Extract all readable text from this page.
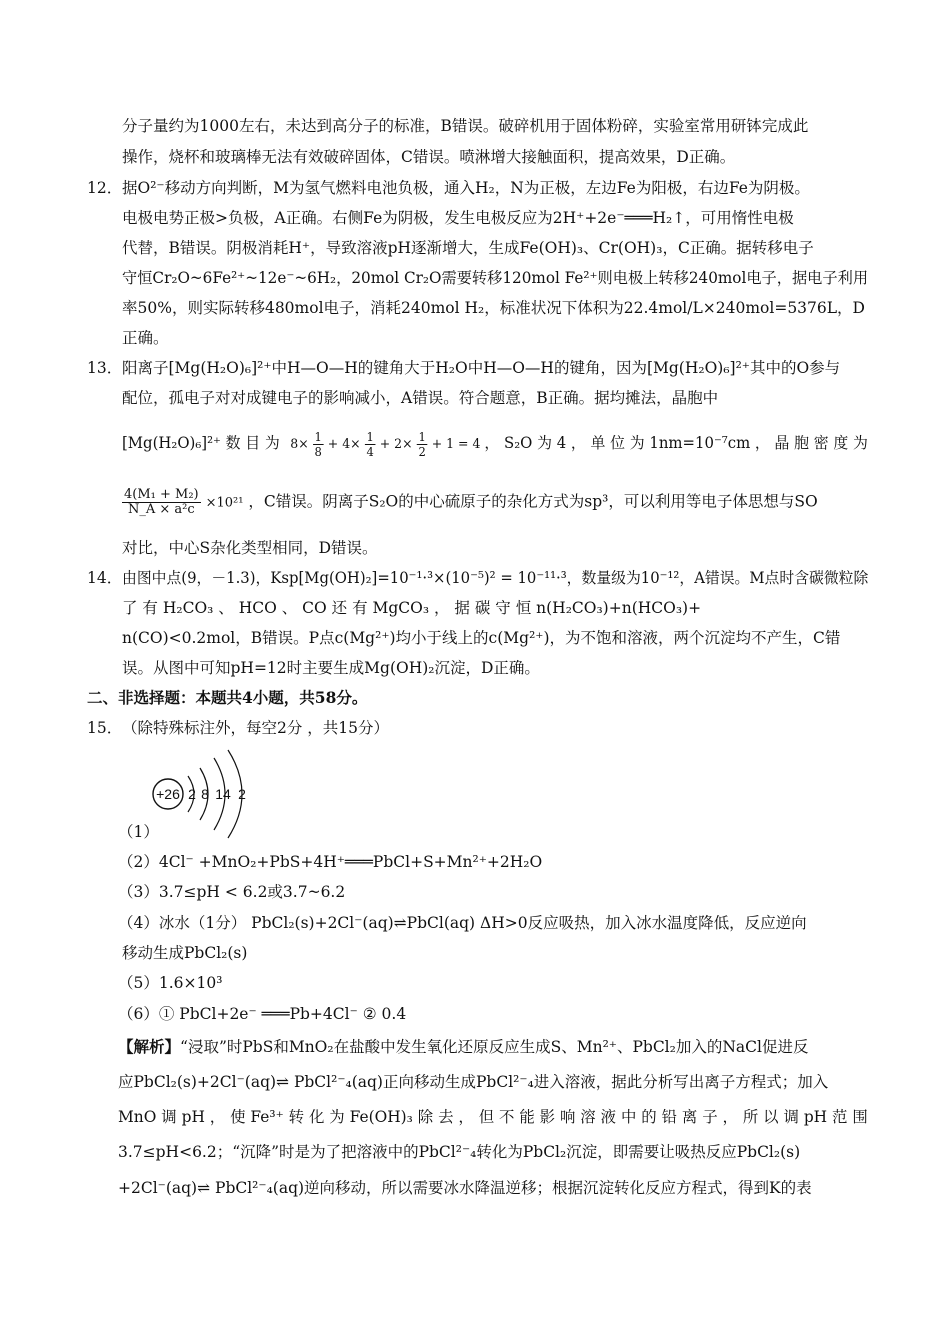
分子量约为1000左右，未达到高分子的标准，B错误。破碎机用于固体粉碎，实验室常用研钵完成此
操作，烧杯和玻璃棒无法有效破碎固体，C错误。喷淋增大接触面积，提高效果，D正确。
12． 据O²⁻移动方向判断，M为氢气燃料电池负极，通入H₂，N为正极，左边Fe为阳极，右边Fe为阴极。
电极电势正极>负极，A正确。右侧Fe为阴极，发生电极反应为2H⁺+2e⁻═══H₂↑，可用惰性电极
代替，B错误。阴极消耗H⁺，导致溶液pH逐渐增大，生成Fe(OH)₃、Cr(OH)₃，C正确。据转移电子
守恒Cr₂O~6Fe²⁺~12e⁻~6H₂，20mol Cr₂O需要转移120mol Fe²⁺则电极上转移240mol电子，据电子利用
率50%，则实际转移480mol电子，消耗240mol H₂，标准状况下体积为22.4mol/L×240mol=5376L，D
正确。
13． 阳离子[Mg(H₂O)₆]²⁺中H—O—H的键角大于H₂O中H—O—H的键角，因为[Mg(H₂O)₆]²⁺其中的O参与
配位，孤电子对对成键电子的影响减小，A错误。符合题意，B正确。据均摊法，晶胞中
[Mg(H₂O)₆]²⁺ 数 目 为 $8\times \frac{1}{8} + 4\times \frac{1}{4} + 2\times \frac{1}{2} + 1 = 4$ ， S₂O 为 4 ， 单 位 为 1nm=10⁻⁷cm ， 晶 胞 密 度 为
$\frac{\text{4(M₁ + M₂)}}{\text{N\_A × a²c}} \times 10^{21}$ ，C错误。阴离子S₂O的中心硫原子的杂化方式为sp³，可以利用等电子体思想与SO
对比，中心S杂化类型相同，D错误。
14． 由图中点(9，－1.3)，Ksp[Mg(OH)₂]=10⁻¹·³×(10⁻⁵)² = 10⁻¹¹·³，数量级为10⁻¹²，A错误。M点时含碳微粒除
了 有 H₂CO₃ 、 HCO 、 CO 还 有 MgCO₃ ， 据 碳 守 恒 n(H₂CO₃)+n(HCO₃)+
n(CO)<0.2mol，B错误。P点c(Mg²⁺)均小于线上的c(Mg²⁺)，为不饱和溶液，两个沉淀均不产生，C错
误。从图中可知pH=12时主要生成Mg(OH)₂沉淀，D正确。
二、非选择题：本题共4小题，共58分。
15． （除特殊标注外，每空2分 ，共15分）
+26 2 8 14 2
（1）
（2）4Cl⁻ +MnO₂+PbS+4H⁺═══PbCl+S+Mn²⁺+2H₂O
（3）3.7≤pH < 6.2或3.7~6.2
（4）冰水（1分） PbCl₂(s)+2Cl⁻(aq)⇌PbCl(aq) ΔH>0反应吸热，加入冰水温度降低，反应逆向
移动生成PbCl₂(s)
（5）1.6×10³
（6）① PbCl+2e⁻ ═══Pb+4Cl⁻ ② 0.4
【解析】“浸取”时PbS和MnO₂在盐酸中发生氧化还原反应生成S、Mn²⁺、PbCl₂加入的NaCl促进反
应PbCl₂(s)+2Cl⁻(aq)⇌ PbCl²⁻₄(aq)正向移动生成PbCl²⁻₄进入溶液，据此分析写出离子方程式；加入
MnO 调 pH ， 使 Fe³⁺ 转 化 为 Fe(OH)₃ 除 去 ， 但 不 能 影 响 溶 液 中 的 铅 离 子 ， 所 以 调 pH 范 围
3.7≤pH<6.2；“沉降”时是为了把溶液中的PbCl²⁻₄转化为PbCl₂沉淀，即需要让吸热反应PbCl₂(s)
+2Cl⁻(aq)⇌ PbCl²⁻₄(aq)逆向移动，所以需要冰水降温逆移；根据沉淀转化反应方程式，得到K的表
